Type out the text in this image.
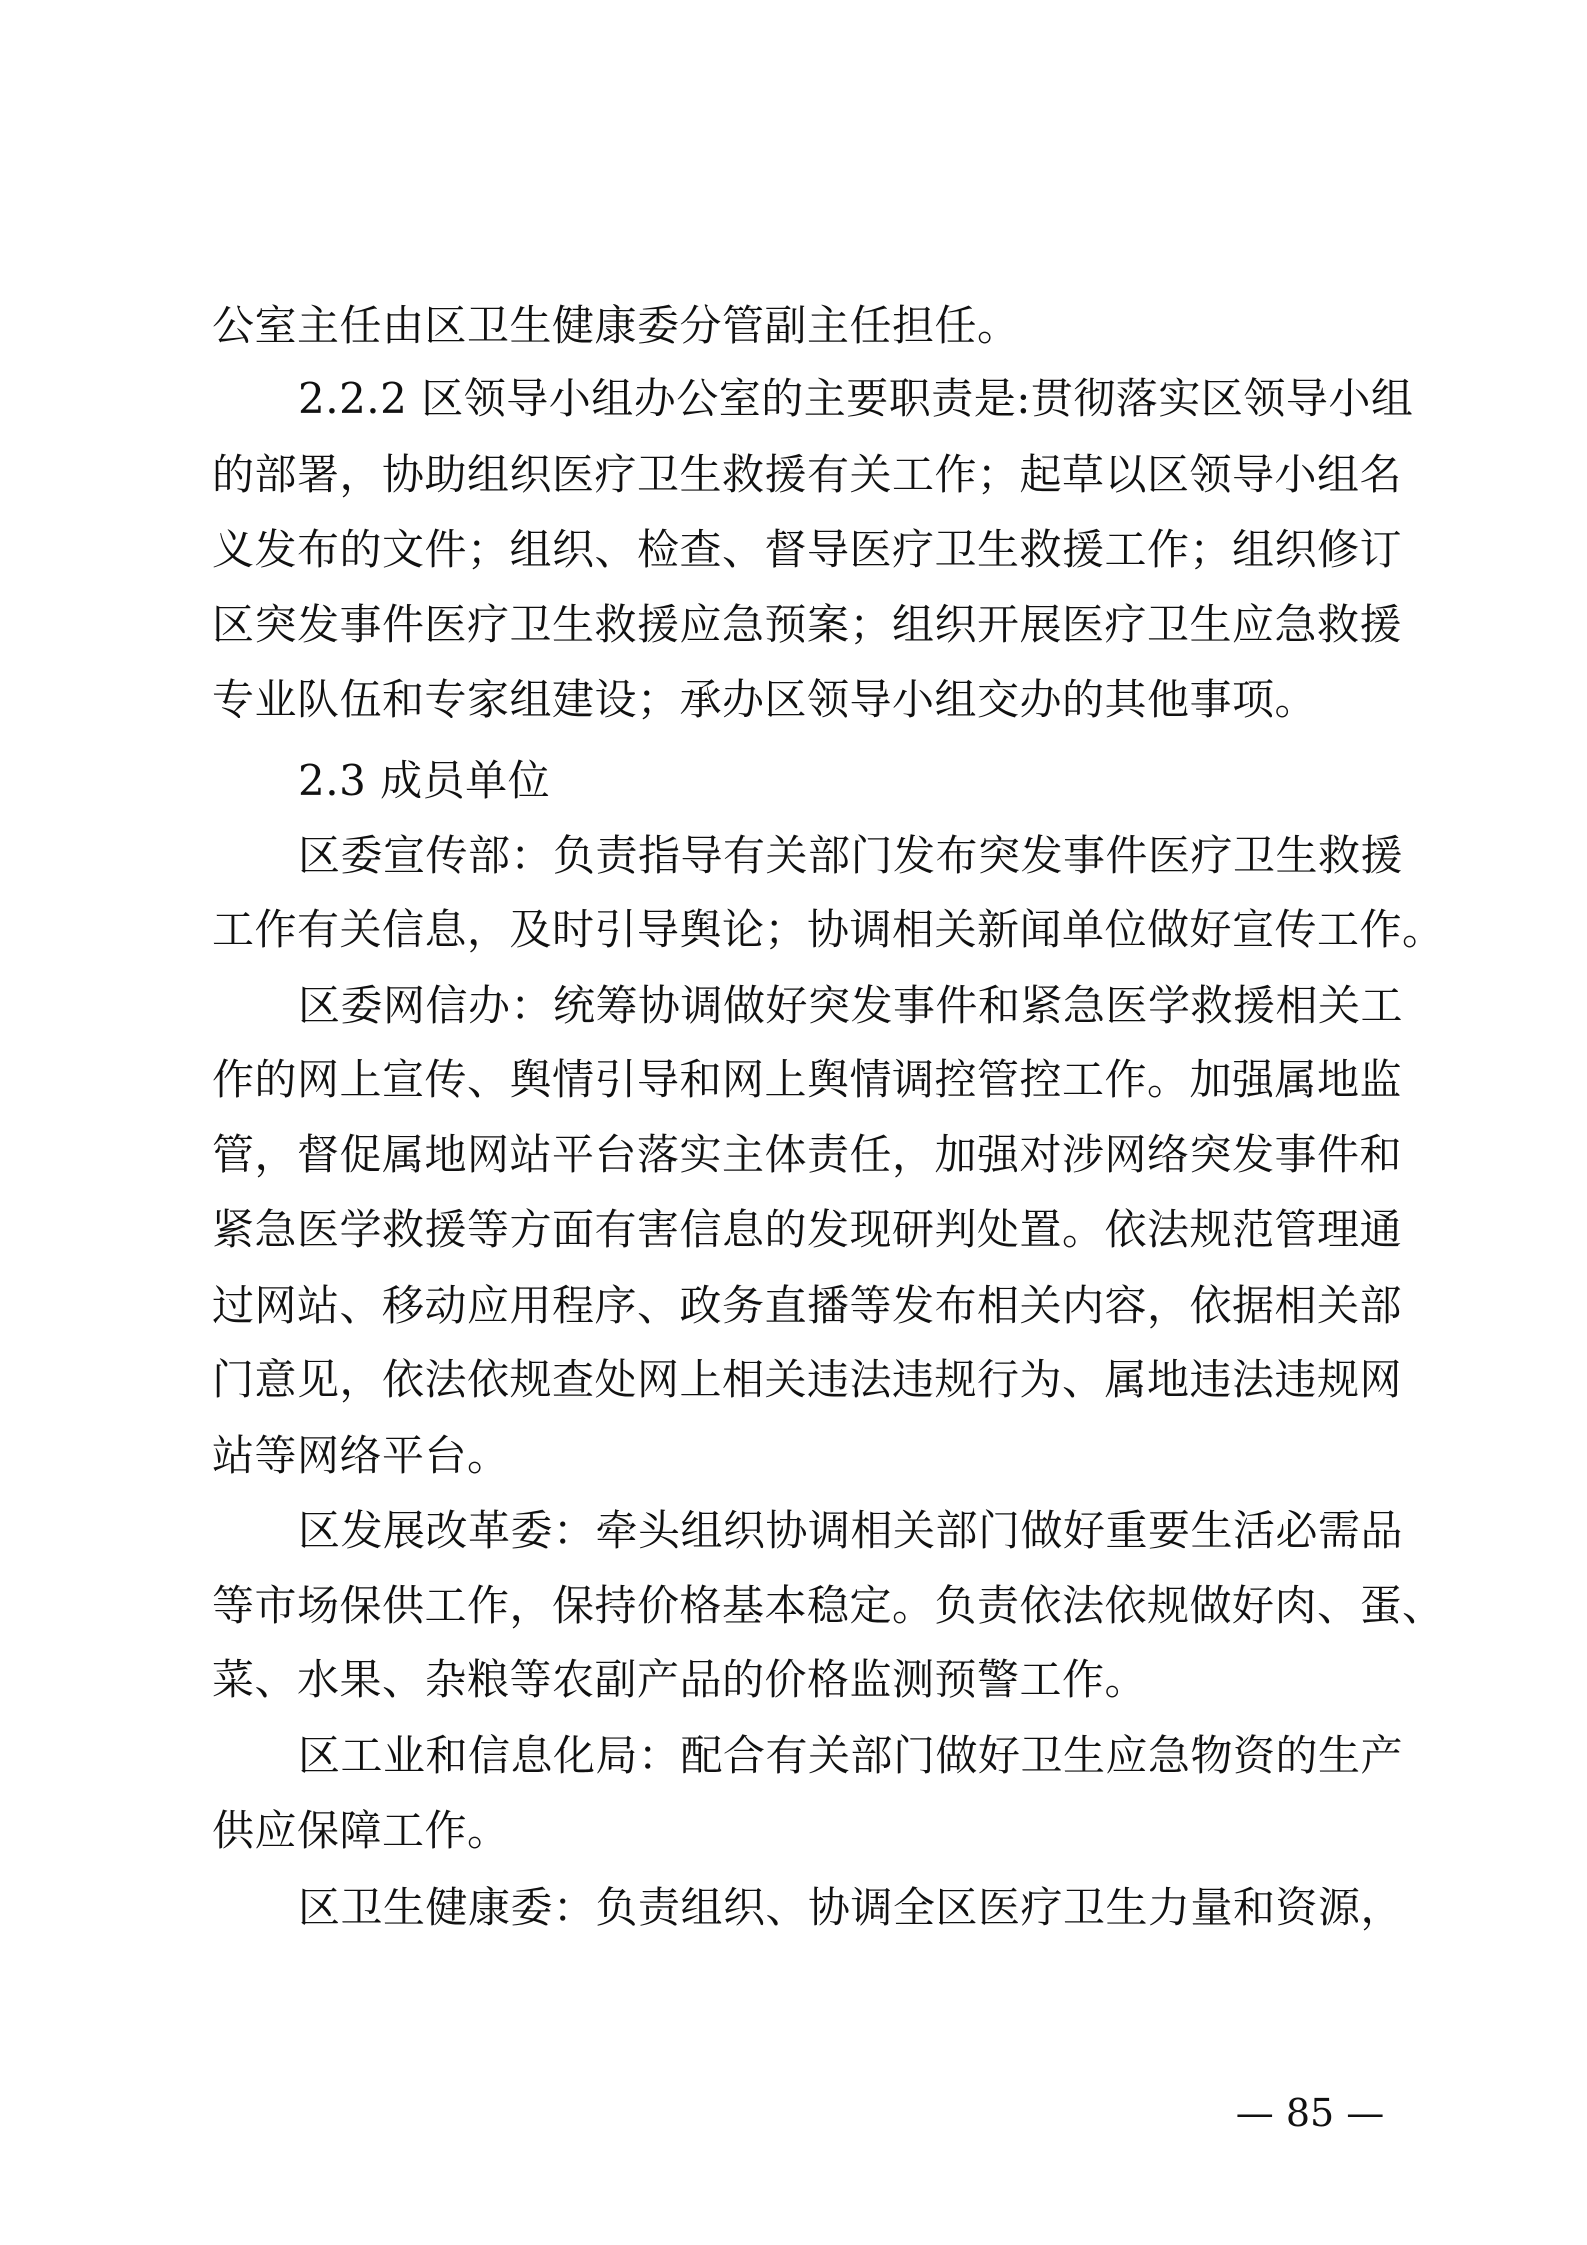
公室主任由区卫生健康委分管副主任担任。
2.2.2 区领导小组办公室的主要职责是:贯彻落实区领导小组
的部署，协助组织医疗卫生救援有关工作；起草以区领导小组名
义发布的文件；组织、检查、督导医疗卫生救援工作；组织修订
区突发事件医疗卫生救援应急预案；组织开展医疗卫生应急救援
专业队伍和专家组建设；承办区领导小组交办的其他事项。
2.3 成员单位
区委宣传部：负责指导有关部门发布突发事件医疗卫生救援
工作有关信息，及时引导舆论；协调相关新闻单位做好宣传工作。
区委网信办：统筹协调做好突发事件和紧急医学救援相关工
作的网上宣传、舆情引导和网上舆情调控管控工作。加强属地监
管，督促属地网站平台落实主体责任，加强对涉网络突发事件和
紧急医学救援等方面有害信息的发现研判处置。依法规范管理通
过网站、移动应用程序、政务直播等发布相关内容，依据相关部
门意见，依法依规查处网上相关违法违规行为、属地违法违规网
站等网络平台。
区发展改革委：牵头组织协调相关部门做好重要生活必需品
等市场保供工作，保持价格基本稳定。负责依法依规做好肉、蛋、
菜、水果、杂粮等农副产品的价格监测预警工作。
区工业和信息化局：配合有关部门做好卫生应急物资的生产
供应保障工作。
区卫生健康委：负责组织、协调全区医疗卫生力量和资源，
— 85 —
